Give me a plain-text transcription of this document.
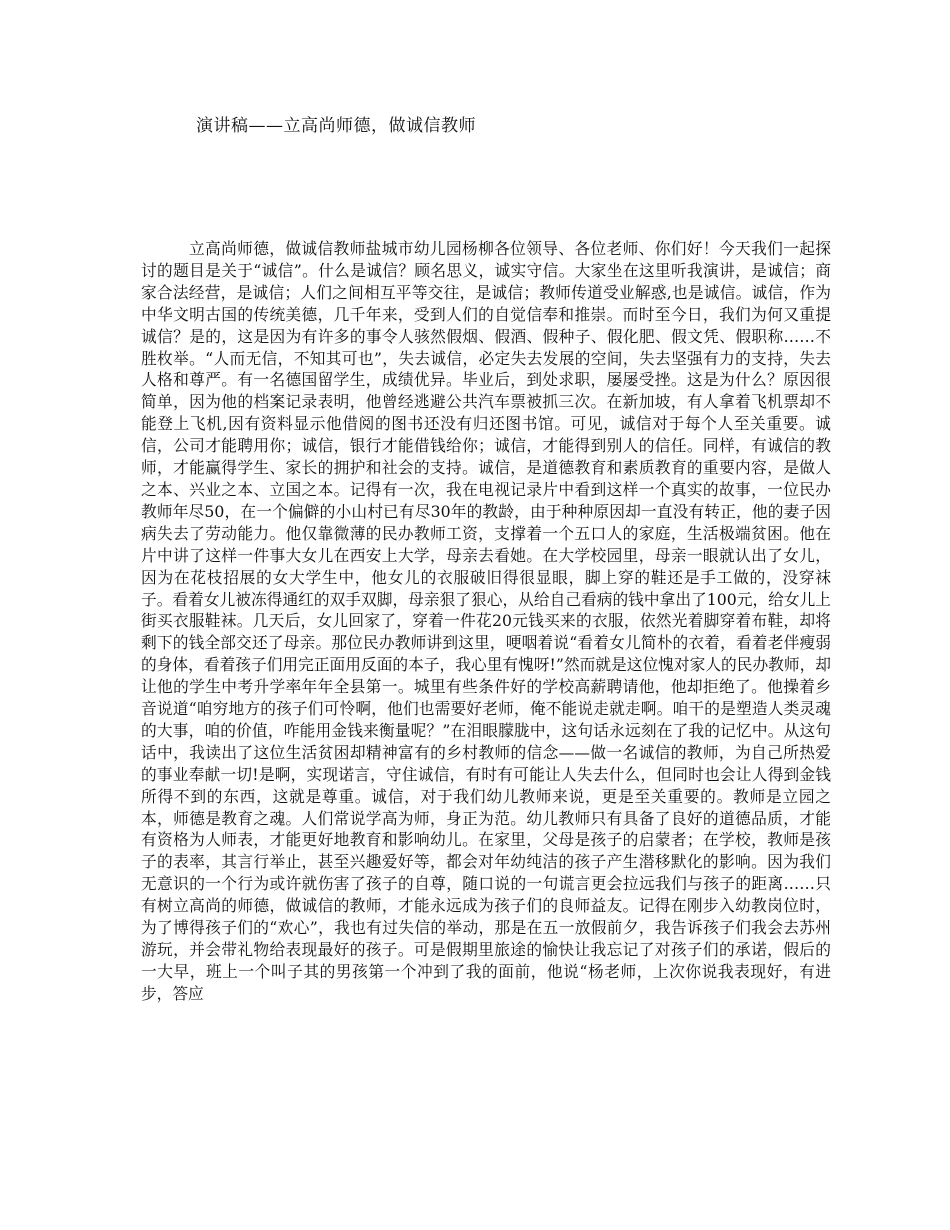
演讲稿——立高尚师德，做诚信教师

立高尚师德，做诚信教师盐城市幼儿园杨柳各位领导、各位老师、你们好！今天我们一起探讨的题目是关于“诚信”。什么是诚信？顾名思义，诚实守信。大家坐在这里听我演讲，是诚信；商家合法经营，是诚信；人们之间相互平等交往，是诚信；教师传道受业解惑,也是诚信。诚信，作为中华文明古国的传统美德，几千年来，受到人们的自觉信奉和推崇。而时至今日，我们为何又重提诚信？是的，这是因为有许多的事令人骇然假烟、假酒、假种子、假化肥、假文凭、假职称……不胜枚举。“人而无信，不知其可也”，失去诚信，必定失去发展的空间，失去坚强有力的支持，失去人格和尊严。有一名德国留学生，成绩优异。毕业后，到处求职，屡屡受挫。这是为什么？原因很简单，因为他的档案记录表明，他曾经逃避公共汽车票被抓三次。在新加坡，有人拿着飞机票却不能登上飞机,因有资料显示他借阅的图书还没有归还图书馆。可见，诚信对于每个人至关重要。诚信，公司才能聘用你；诚信，银行才能借钱给你；诚信，才能得到别人的信任。同样，有诚信的教师，才能赢得学生、家长的拥护和社会的支持。诚信，是道德教育和素质教育的重要内容，是做人之本、兴业之本、立国之本。记得有一次，我在电视记录片中看到这样一个真实的故事，一位民办教师年尽50，在一个偏僻的小山村已有尽30年的教龄，由于种种原因却一直没有转正，他的妻子因病失去了劳动能力。他仅靠微薄的民办教师工资，支撑着一个五口人的家庭，生活极端贫困。他在片中讲了这样一件事大女儿在西安上大学，母亲去看她。在大学校园里，母亲一眼就认出了女儿，因为在花枝招展的女大学生中，他女儿的衣服破旧得很显眼，脚上穿的鞋还是手工做的，没穿袜子。看着女儿被冻得通红的双手双脚，母亲狠了狠心，从给自己看病的钱中拿出了100元，给女儿上街买衣服鞋袜。几天后，女儿回家了，穿着一件花20元钱买来的衣服，依然光着脚穿着布鞋，却将剩下的钱全部交还了母亲。那位民办教师讲到这里，哽咽着说“看着女儿简朴的衣着，看着老伴瘦弱的身体，看着孩子们用完正面用反面的本子，我心里有愧呀!”然而就是这位愧对家人的民办教师，却让他的学生中考升学率年年全县第一。城里有些条件好的学校高薪聘请他，他却拒绝了。他操着乡音说道“咱穷地方的孩子们可怜啊，他们也需要好老师，俺不能说走就走啊。咱干的是塑造人类灵魂的大事，咱的价值，咋能用金钱来衡量呢？”在泪眼朦胧中，这句话永远刻在了我的记忆中。从这句话中，我读出了这位生活贫困却精神富有的乡村教师的信念——做一名诚信的教师，为自己所热爱的事业奉献一切!是啊，实现诺言，守住诚信，有时有可能让人失去什么，但同时也会让人得到金钱所得不到的东西，这就是尊重。诚信，对于我们幼儿教师来说，更是至关重要的。教师是立园之本，师德是教育之魂。人们常说学高为师，身正为范。幼儿教师只有具备了良好的道德品质，才能有资格为人师表，才能更好地教育和影响幼儿。在家里，父母是孩子的启蒙者；在学校，教师是孩子的表率，其言行举止，甚至兴趣爱好等，都会对年幼纯洁的孩子产生潜移默化的影响。因为我们无意识的一个行为或许就伤害了孩子的自尊，随口说的一句谎言更会拉远我们与孩子的距离……只有树立高尚的师德，做诚信的教师，才能永远成为孩子们的良师益友。记得在刚步入幼教岗位时，为了博得孩子们的“欢心”，我也有过失信的举动，那是在五一放假前夕，我告诉孩子们我会去苏州游玩，并会带礼物给表现最好的孩子。可是假期里旅途的愉快让我忘记了对孩子们的承诺，假后的一大早，班上一个叫子其的男孩第一个冲到了我的面前，他说“杨老师，上次你说我表现好，有进步，答应
